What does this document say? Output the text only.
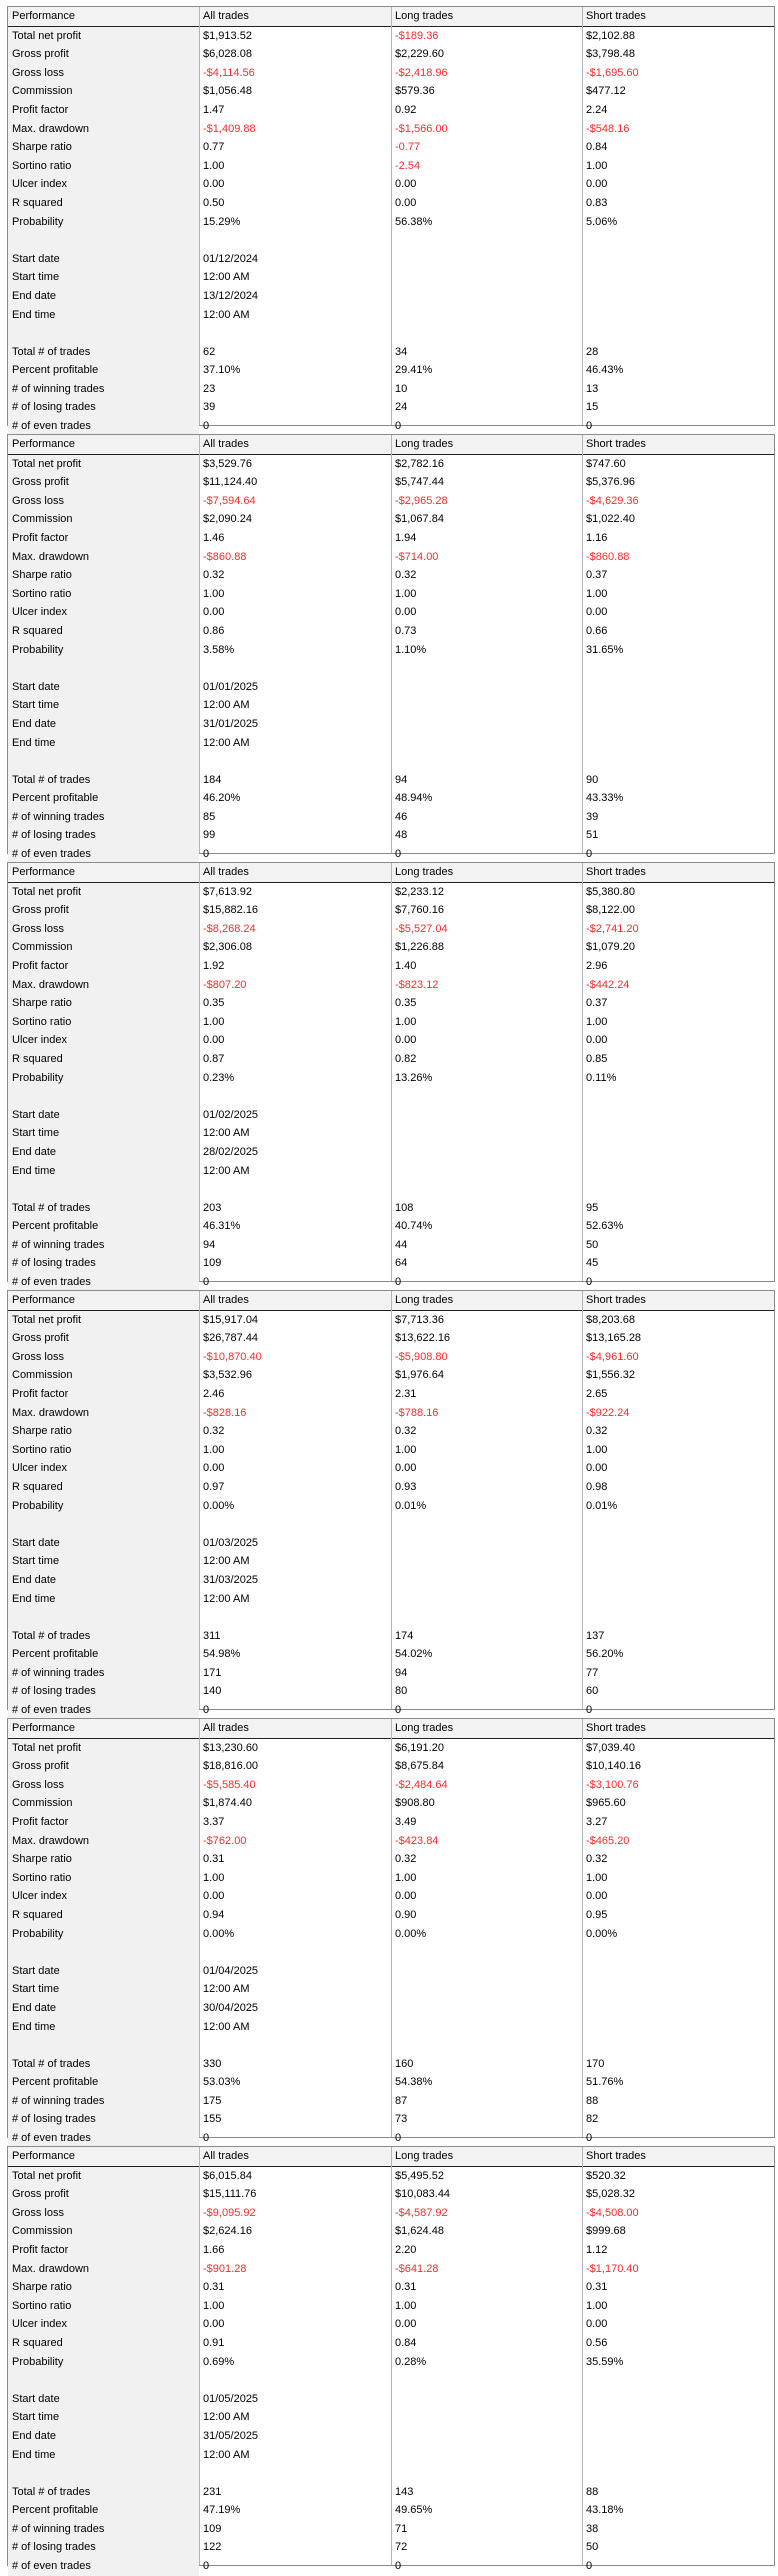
Performance	All trades	Long trades	Short trades
Total net profit	$1,913.52	-$189.36	$2,102.88
Gross profit	$6,028.08	$2,229.60	$3,798.48
Gross loss	-$4,114.56	-$2,418.96	-$1,695.60
Commission	$1,056.48	$579.36	$477.12
Profit factor	1.47	0.92	2.24
Max. drawdown	-$1,409.88	-$1,566.00	-$548.16
Sharpe ratio	0.77	-0.77	0.84
Sortino ratio	1.00	-2.54	1.00
Ulcer index	0.00	0.00	0.00
R squared	0.50	0.00	0.83
Probability	15.29%	56.38%	5.06%
Start date	01/12/2024
Start time	12:00 AM
End date	13/12/2024
End time	12:00 AM
Total # of trades	62	34	28
Percent profitable	37.10%	29.41%	46.43%
# of winning trades	23	10	13
# of losing trades	39	24	15
# of even trades	0	0	0
Performance	All trades	Long trades	Short trades
Total net profit	$3,529.76	$2,782.16	$747.60
Gross profit	$11,124.40	$5,747.44	$5,376.96
Gross loss	-$7,594.64	-$2,965.28	-$4,629.36
Commission	$2,090.24	$1,067.84	$1,022.40
Profit factor	1.46	1.94	1.16
Max. drawdown	-$860.88	-$714.00	-$860.88
Sharpe ratio	0.32	0.32	0.37
Sortino ratio	1.00	1.00	1.00
Ulcer index	0.00	0.00	0.00
R squared	0.86	0.73	0.66
Probability	3.58%	1.10%	31.65%
Start date	01/01/2025
Start time	12:00 AM
End date	31/01/2025
End time	12:00 AM
Total # of trades	184	94	90
Percent profitable	46.20%	48.94%	43.33%
# of winning trades	85	46	39
# of losing trades	99	48	51
# of even trades	0	0	0
Performance	All trades	Long trades	Short trades
Total net profit	$7,613.92	$2,233.12	$5,380.80
Gross profit	$15,882.16	$7,760.16	$8,122.00
Gross loss	-$8,268.24	-$5,527.04	-$2,741.20
Commission	$2,306.08	$1,226.88	$1,079.20
Profit factor	1.92	1.40	2.96
Max. drawdown	-$807.20	-$823.12	-$442.24
Sharpe ratio	0.35	0.35	0.37
Sortino ratio	1.00	1.00	1.00
Ulcer index	0.00	0.00	0.00
R squared	0.87	0.82	0.85
Probability	0.23%	13.26%	0.11%
Start date	01/02/2025
Start time	12:00 AM
End date	28/02/2025
End time	12:00 AM
Total # of trades	203	108	95
Percent profitable	46.31%	40.74%	52.63%
# of winning trades	94	44	50
# of losing trades	109	64	45
# of even trades	0	0	0
Performance	All trades	Long trades	Short trades
Total net profit	$15,917.04	$7,713.36	$8,203.68
Gross profit	$26,787.44	$13,622.16	$13,165.28
Gross loss	-$10,870.40	-$5,908.80	-$4,961.60
Commission	$3,532.96	$1,976.64	$1,556.32
Profit factor	2.46	2.31	2.65
Max. drawdown	-$828.16	-$788.16	-$922.24
Sharpe ratio	0.32	0.32	0.32
Sortino ratio	1.00	1.00	1.00
Ulcer index	0.00	0.00	0.00
R squared	0.97	0.93	0.98
Probability	0.00%	0.01%	0.01%
Start date	01/03/2025
Start time	12:00 AM
End date	31/03/2025
End time	12:00 AM
Total # of trades	311	174	137
Percent profitable	54.98%	54.02%	56.20%
# of winning trades	171	94	77
# of losing trades	140	80	60
# of even trades	0	0	0
Performance	All trades	Long trades	Short trades
Total net profit	$13,230.60	$6,191.20	$7,039.40
Gross profit	$18,816.00	$8,675.84	$10,140.16
Gross loss	-$5,585.40	-$2,484.64	-$3,100.76
Commission	$1,874.40	$908.80	$965.60
Profit factor	3.37	3.49	3.27
Max. drawdown	-$762.00	-$423.84	-$465.20
Sharpe ratio	0.31	0.32	0.32
Sortino ratio	1.00	1.00	1.00
Ulcer index	0.00	0.00	0.00
R squared	0.94	0.90	0.95
Probability	0.00%	0.00%	0.00%
Start date	01/04/2025
Start time	12:00 AM
End date	30/04/2025
End time	12:00 AM
Total # of trades	330	160	170
Percent profitable	53.03%	54.38%	51.76%
# of winning trades	175	87	88
# of losing trades	155	73	82
# of even trades	0	0	0
Performance	All trades	Long trades	Short trades
Total net profit	$6,015.84	$5,495.52	$520.32
Gross profit	$15,111.76	$10,083.44	$5,028.32
Gross loss	-$9,095.92	-$4,587.92	-$4,508.00
Commission	$2,624.16	$1,624.48	$999.68
Profit factor	1.66	2.20	1.12
Max. drawdown	-$901.28	-$641.28	-$1,170.40
Sharpe ratio	0.31	0.31	0.31
Sortino ratio	1.00	1.00	1.00
Ulcer index	0.00	0.00	0.00
R squared	0.91	0.84	0.56
Probability	0.69%	0.28%	35.59%
Start date	01/05/2025
Start time	12:00 AM
End date	31/05/2025
End time	12:00 AM
Total # of trades	231	143	88
Percent profitable	47.19%	49.65%	43.18%
# of winning trades	109	71	38
# of losing trades	122	72	50
# of even trades	0	0	0
